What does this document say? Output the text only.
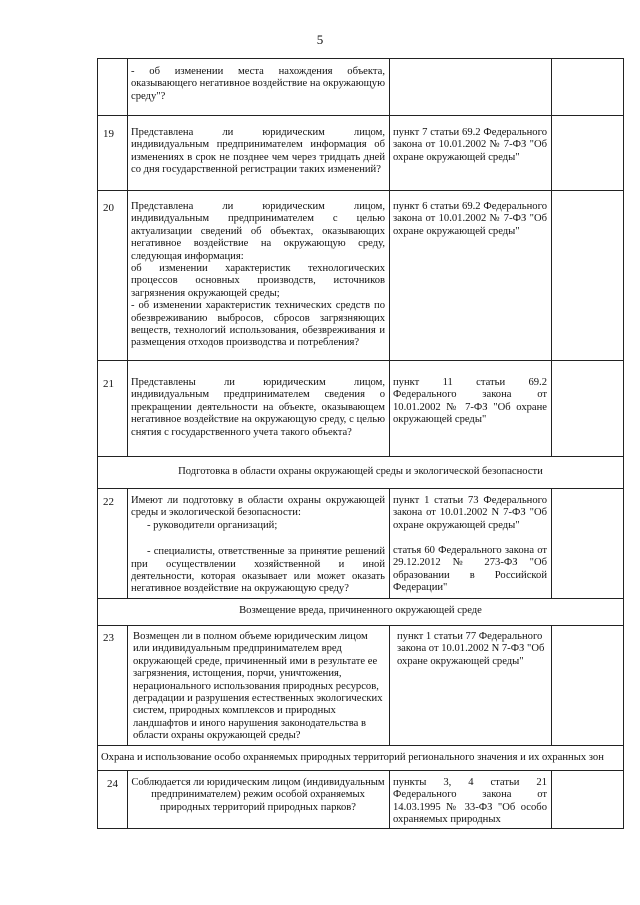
5
- об изменении места нахождения объекта, оказывающего негативное воздействие на окружающую среду"?
19 Представлена ли юридическим лицом, индивидуальным предпринимателем информация об изменениях в срок не позднее чем через тридцать дней со дня государственной регистрации таких изменений?
пункт 7 статьи 69.2 Федерального закона от 10.01.2002 № 7-ФЗ "Об охране окружающей среды"
20 Представлена ли юридическим лицом, индивидуальным предпринимателем с целью актуализации сведений об объектах, оказывающих негативное воздействие на окружающую среду, следующая информация:
об изменении характеристик технологических процессов основных производств, источников загрязнения окружающей среды;
- об изменении характеристик технических средств по обезвреживанию выбросов, сбросов загрязняющих веществ, технологий использования, обезвреживания и размещения отходов производства и потребления?
пункт 6 статьи 69.2 Федерального закона от 10.01.2002 № 7-ФЗ "Об охране окружающей среды"
21 Представлены ли юридическим лицом, индивидуальным предпринимателем сведения о прекращении деятельности на объекте, оказывающем негативное воздействие на окружающую среду, с целью снятия с государственного учета такого объекта?
пункт 11 статьи 69.2 Федерального закона от 10.01.2002 № 7-ФЗ "Об охране окружающей среды"
Подготовка в области охраны окружающей среды и экологической безопасности
22 Имеют ли подготовку в области охраны окружающей среды и экологической безопасности:
- руководители организаций;
- специалисты, ответственные за принятие решений при осуществлении хозяйственной и иной деятельности, которая оказывает или может оказать негативное воздействие на окружающую среду?
пункт 1 статьи 73 Федерального закона от 10.01.2002 N 7-ФЗ "Об охране окружающей среды"
статья 60 Федерального закона от 29.12.2012 № 273-ФЗ "Об образовании в Российской Федерации"
Возмещение вреда, причиненного окружающей среде
23 Возмещен ли в полном объеме юридическим лицом или индивидуальным предпринимателем вред окружающей среде, причиненный ими в результате ее загрязнения, истощения, порчи, уничтожения, нерационального использования природных ресурсов, деградации и разрушения естественных экологических систем, природных комплексов и природных ландшафтов и иного нарушения законодательства в области охраны окружающей среды?
пункт 1 статьи 77 Федерального закона от 10.01.2002 N 7-ФЗ "Об охране окружающей среды"
Охрана и использование особо охраняемых природных территорий регионального значения и их охранных зон
24 Соблюдается ли юридическим лицом (индивидуальным предпринимателем) режим особой охраняемых природных территорий природных парков?
пункты 3, 4 статьи 21 Федерального закона от 14.03.1995 № 33-ФЗ "Об особо охраняемых природных
